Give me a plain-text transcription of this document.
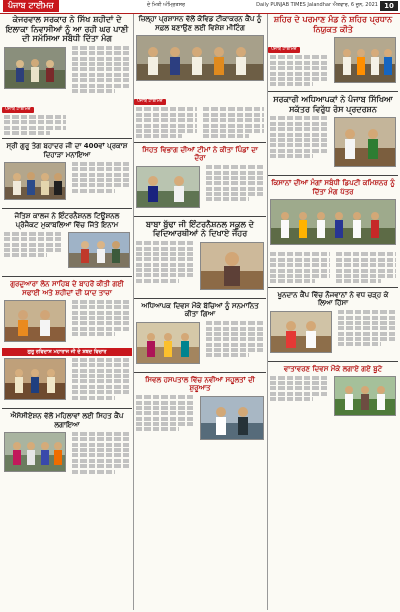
ਪੰਜਾਬ ਟਾਈਮਜ਼	ਦੇ ਮਿਤੀ ਅੰਮ੍ਰਿਤਸਰ	Daily PUNJAB TIMES Jalandhar ਐਤਵਾਰ, 6 ਜੂਨ, 2021 10
ਕੇਜਰਵਾਲ ਸਰਕਾਰ ਨੇ ਸਿੱਖ ਸ਼ਹੀਦਾਂ ਦੇ ਇਲਾਕਾ ਨਿਵਾਸੀਆਂ ਨੂੰ ਆ ਰਹੀ ਘਰ ਪਾਣੀ ਦੀ ਸਮੱਸਿਆ ਸਬੰਧੀ ਦਿੱਤਾ ਮੰਗ
ਪੰਜਾਬ ਟਾਈਮਜ਼
ਸ੍ਰੀ ਗੁਰੂ ਤੇਗ ਬਹਾਦਰ ਜੀ ਦਾ 400ਵਾਂ ਪ੍ਰਕਾਸ਼ ਦਿਹਾੜਾ ਮਨਾਇਆ
ਜੋਤਿਸ਼ ਕਾਲਜ ਨੇ ਇੰਟਰਨੈਸ਼ਨਲ ਟਿਊਸ਼ਨਲ ਪ੍ਰੋਜੈਕਟ ਮੁਕਾਬਲਿਆਂ ਵਿੱਚ ਜਿੱਤੇ ਇਨਾਮ
ਗੁਰਦੁਆਰਾ ਲੋਨ ਸਾਹਿਬ ਦੇ ਬਾਹਰੋਂ ਕੀਤੀ ਗਈ ਸਫਾਈ ਅਤੇ ਸ਼ਹੀਦਾਂ ਦੀ ਯਾਦ ਤਾਜ਼ਾ
ਗੁਰੂ ਰਵਿਦਾਸ ਮਹਾਰਾਜ ਜੀ ਦੇ ਸ਼ਬਦ ਵਿਚਾਰ
ਐਸੋਸੀਏਸ਼ਨ ਵੱਲੋਂ ਮਹਿਲਾਵਾਂ ਲਈ ਸਿਹਤ ਕੈਂਪ ਲਗਾਇਆ
ਜ਼ਿਲ੍ਹਾ ਪ੍ਰਸ਼ਾਸਨ ਵੱਲੋਂ ਕੋਵਿਡ ਟੀਕਾਕਰਨ ਕੈਂਪ ਨੂੰ ਸਫ਼ਲ ਬਣਾਉਣ ਲਈ ਵਿਸ਼ੇਸ਼ ਮੀਟਿੰਗ
ਪੰਜਾਬ ਟਾਈਮਜ਼
ਸਿਹਤ ਵਿਭਾਗ ਦੀਆਂ ਟੀਮਾਂ ਨੇ ਕੀਤਾ ਪਿੰਡਾਂ ਦਾ ਦੌਰਾ
ਬਾਬਾ ਬੁੱਢਾ ਜੀ ਇੰਟਰਨੈਸ਼ਨਲ ਸਕੂਲ ਦੇ ਵਿਦਿਆਰਥੀਆਂ ਨੇ ਦਿਖਾਏ ਜੌਹਰ
ਅਧਿਆਪਕ ਦਿਵਸ ਮੌਕੇ ਬੱਚਿਆਂ ਨੂੰ ਸਨਮਾਨਿਤ ਕੀਤਾ ਗਿਆ
ਸਿਵਲ ਹਸਪਤਾਲ ਵਿੱਚ ਨਵੀਆਂ ਸਹੂਲਤਾਂ ਦੀ ਸ਼ੁਰੂਆਤ
ਸ਼ਹਿਰ ਦੇ ਪਰਮਾਣ ਮੰਡ ਨੇ ਸ਼ਹਿਰ ਪ੍ਰਧਾਨ ਨਿਯੁਕਤ ਕੀਤੇ
ਪੰਜਾਬ ਟਾਈਮਜ਼
ਸਰਕਾਰੀ ਅਧਿਆਪਕਾਂ ਨੇ ਪੰਜਾਬ ਸਿੱਖਿਆ ਸਕੱਤਰ ਵਿਰੁੱਧ ਰੋਸ ਪ੍ਰਦਰਸ਼ਨ
ਕਿਸਾਨਾਂ ਦੀਆਂ ਮੰਗਾਂ ਸਬੰਧੀ ਡਿਪਟੀ ਕਮਿਸ਼ਨਰ ਨੂੰ ਦਿੱਤਾ ਮੰਗ ਪੱਤਰ
ਖੂਨਦਾਨ ਕੈਂਪ ਵਿੱਚ ਨੌਜਵਾਨਾਂ ਨੇ ਵਧ ਚੜ੍ਹ ਕੇ ਲਿਆ ਹਿੱਸਾ
ਵਾਤਾਵਰਣ ਦਿਵਸ ਮੌਕੇ ਲਗਾਏ ਗਏ ਬੂਟੇ
